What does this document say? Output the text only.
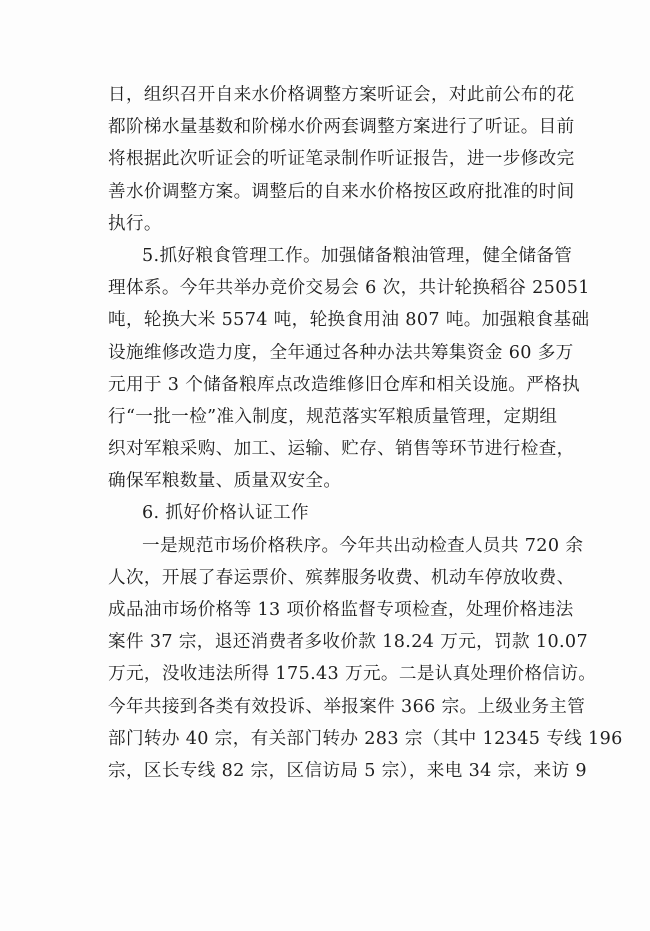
日，组织召开自来水价格调整方案听证会，对此前公布的花
都阶梯水量基数和阶梯水价两套调整方案进行了听证。目前
将根据此次听证会的听证笔录制作听证报告，进一步修改完
善水价调整方案。调整后的自来水价格按区政府批准的时间
执行。
5.抓好粮食管理工作。加强储备粮油管理，健全储备管
理体系。今年共举办竞价交易会 6 次，共计轮换稻谷 25051
吨，轮换大米 5574 吨，轮换食用油 807 吨。加强粮食基础
设施维修改造力度，全年通过各种办法共筹集资金 60 多万
元用于 3 个储备粮库点改造维修旧仓库和相关设施。严格执
行“一批一检”准入制度，规范落实军粮质量管理，定期组
织对军粮采购、加工、运输、贮存、销售等环节进行检查，
确保军粮数量、质量双安全。
6. 抓好价格认证工作
一是规范市场价格秩序。今年共出动检查人员共 720 余
人次，开展了春运票价、殡葬服务收费、机动车停放收费、
成品油市场价格等 13 项价格监督专项检查，处理价格违法
案件 37 宗，退还消费者多收价款 18.24 万元，罚款 10.07
万元，没收违法所得 175.43 万元。二是认真处理价格信访。
今年共接到各类有效投诉、举报案件 366 宗。上级业务主管
部门转办 40 宗，有关部门转办 283 宗（其中 12345 专线 196
宗，区长专线 82 宗，区信访局 5 宗），来电 34 宗，来访 9
